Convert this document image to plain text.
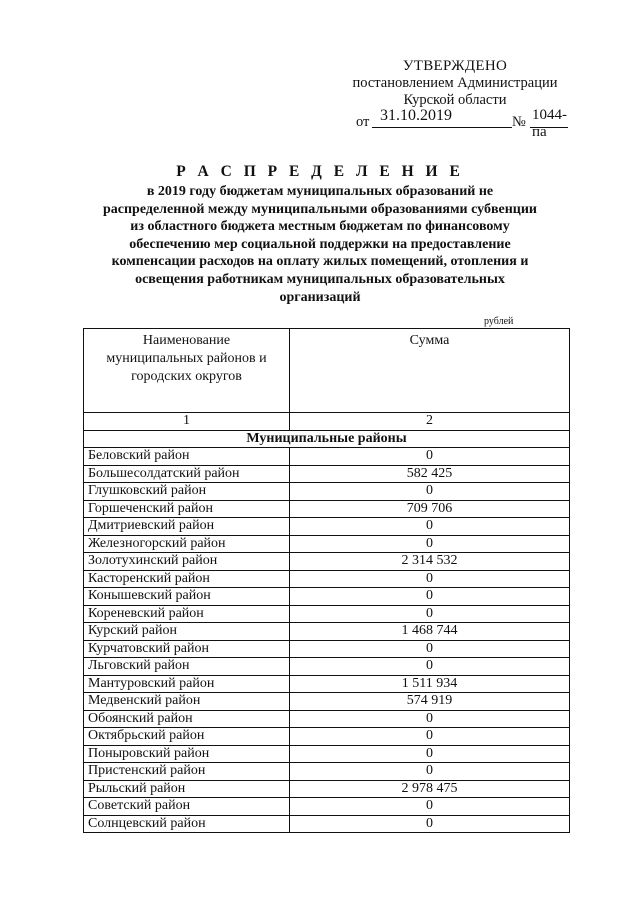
УТВЕРЖДЕНО
постановлением Администрации
Курской области
от 31.10.2019	№ 1044-па
Р А С П Р Е Д Е Л Е Н И Е
в 2019 году бюджетам муниципальных образований не
распределенной между муниципальными образованиями субвенции
из областного бюджета местным бюджетам по финансовому
обеспечению мер социальной поддержки на предоставление
компенсации расходов на оплату жилых помещений, отопления и
освещения работникам муниципальных образовательных
организаций
рублей
Наименование
муниципальных районов и
городских округов	Сумма
1	2
Муниципальные районы	
Беловский район	0
Большесолдатский район	582 425
Глушковский район	0
Горшеченский район	709 706
Дмитриевский район	0
Железногорский район	0
Золотухинский район	2 314 532
Касторенский район	0
Конышевский район	0
Кореневский район	0
Курский район	1 468 744
Курчатовский район	0
Льговский район	0
Мантуровский район	1 511 934
Медвенский район	574 919
Обоянский район	0
Октябрьский район	0
Поныровский район	0
Пристенский район	0
Рыльский район	2 978 475
Советский район	0
Солнцевский район	0
